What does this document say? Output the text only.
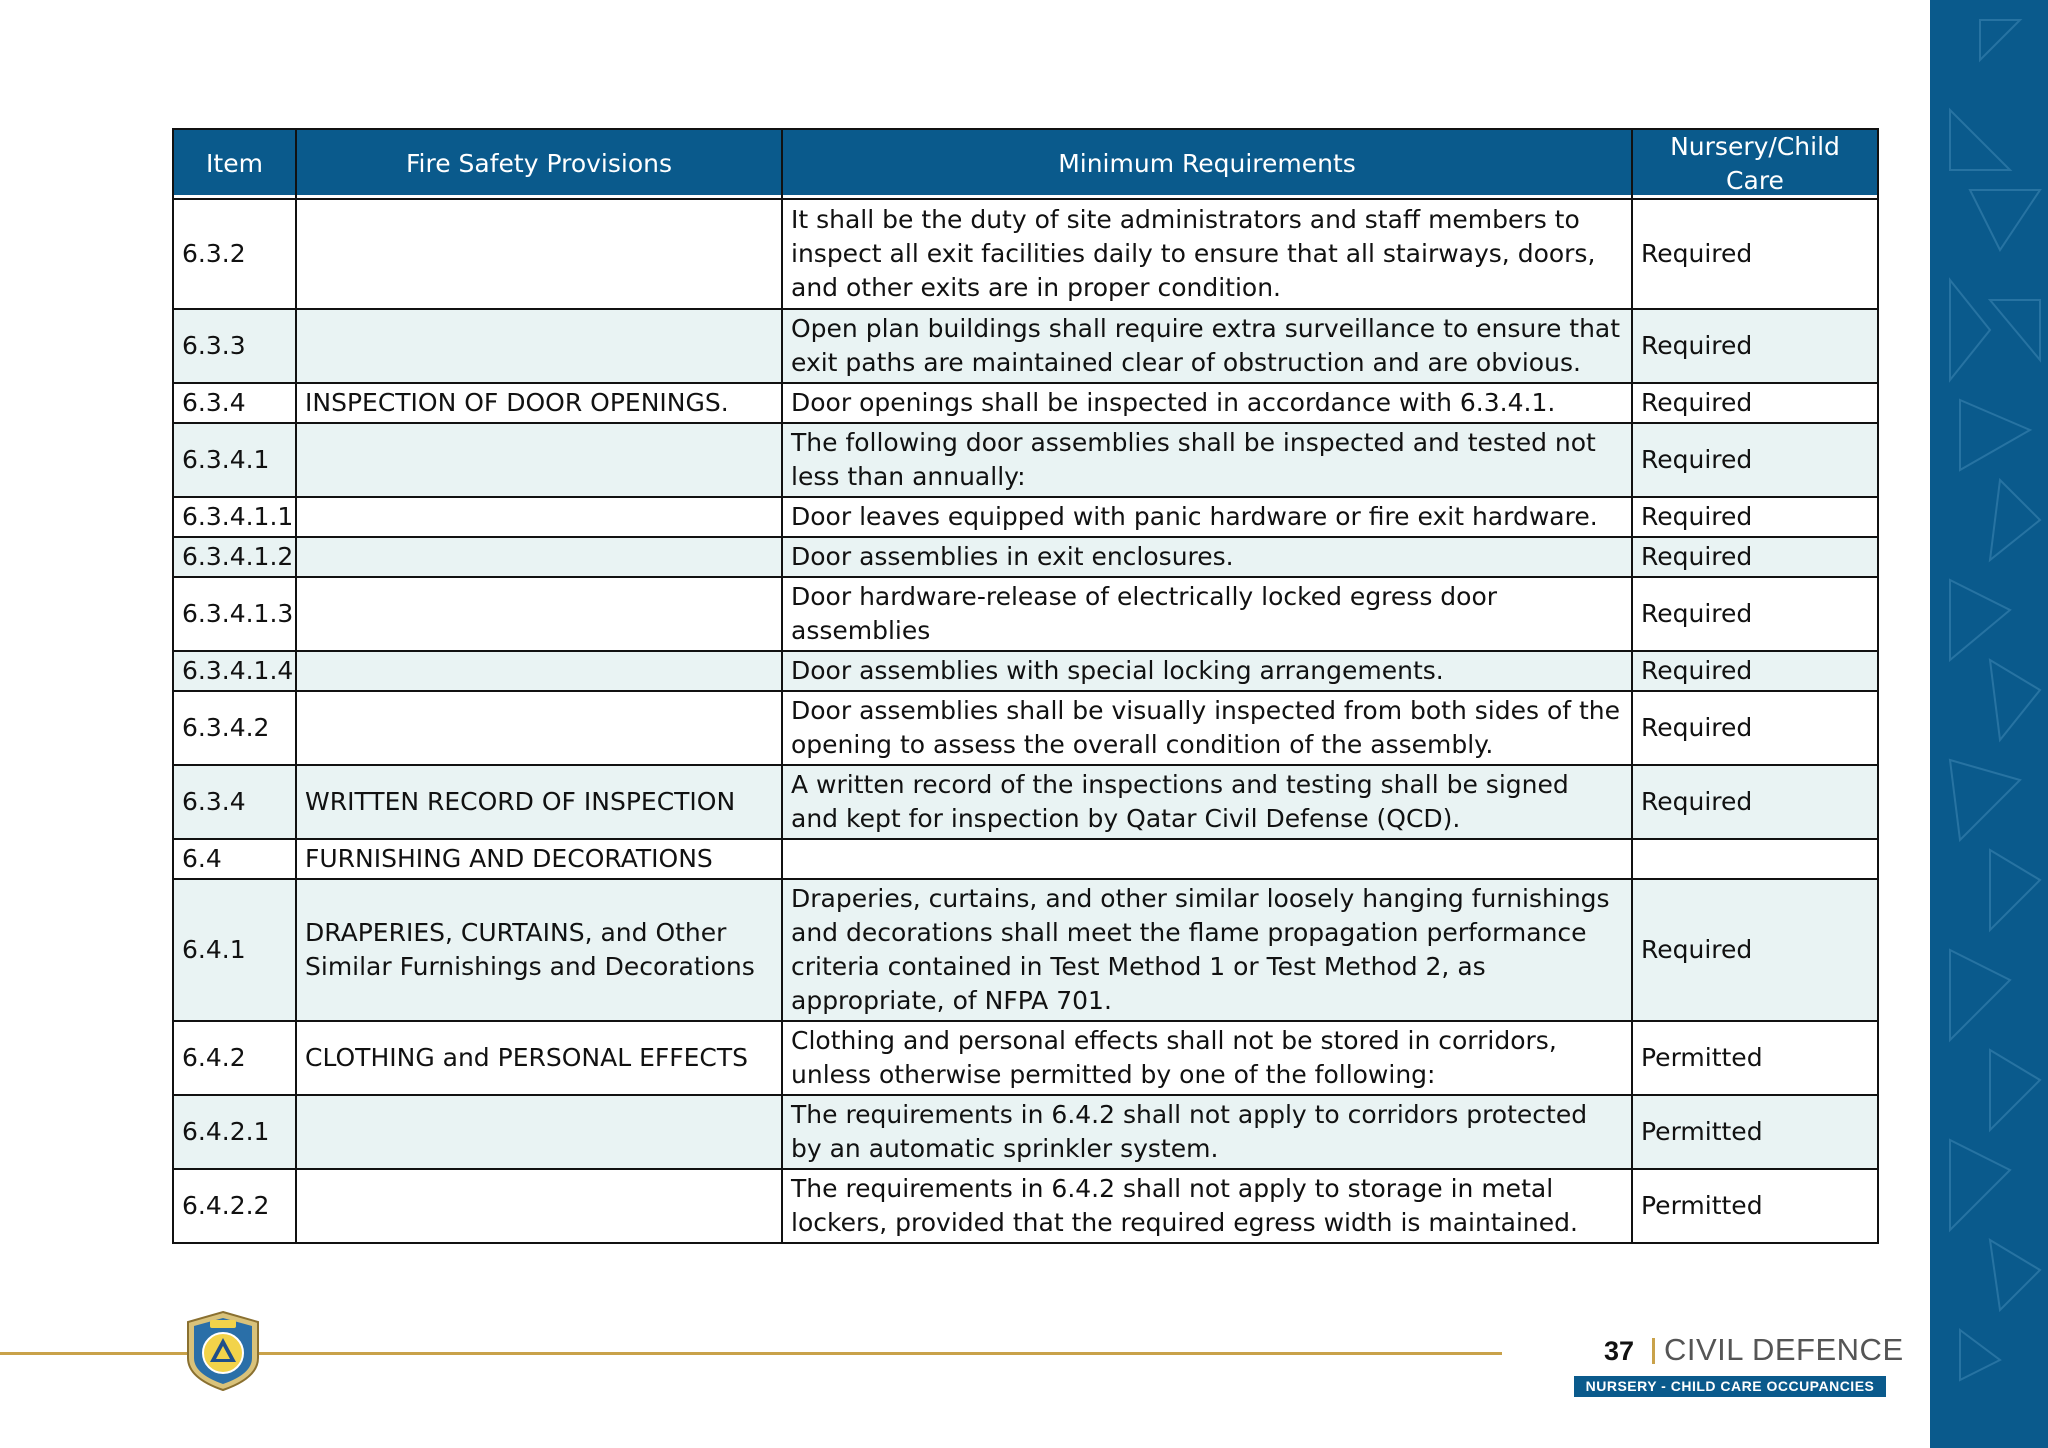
Item	Fire Safety Provisions	Minimum Requirements	Nursery/Child Care
6.3.2		It shall be the duty of site administrators and staff members to inspect all exit facilities daily to ensure that all stairways, doors, and other exits are in proper condition.	Required
6.3.3		Open plan buildings shall require extra surveillance to ensure that exit paths are maintained clear of obstruction and are obvious.	Required
6.3.4	INSPECTION OF DOOR OPENINGS.	Door openings shall be inspected in accordance with 6.3.4.1.	Required
6.3.4.1		The following door assemblies shall be inspected and tested not less than annually:	Required
6.3.4.1.1		Door leaves equipped with panic hardware or fire exit hardware.	Required
6.3.4.1.2		Door assemblies in exit enclosures.	Required
6.3.4.1.3		Door hardware-release of electrically locked egress door assemblies	Required
6.3.4.1.4		Door assemblies with special locking arrangements.	Required
6.3.4.2		Door assemblies shall be visually inspected from both sides of the opening to assess the overall condition of the assembly.	Required
6.3.4	WRITTEN RECORD OF INSPECTION	A written record of the inspections and testing shall be signed and kept for inspection by Qatar Civil Defense (QCD).	Required
6.4	FURNISHING AND DECORATIONS		
6.4.1	DRAPERIES, CURTAINS, and Other Similar Furnishings and Decorations	Draperies, curtains, and other similar loosely hanging furnishings and decorations shall meet the flame propagation performance criteria contained in Test Method 1 or Test Method 2, as appropriate, of NFPA 701.	Required
6.4.2	CLOTHING and PERSONAL EFFECTS	Clothing and personal effects shall not be stored in corridors, unless otherwise permitted by one of the following:	Permitted
6.4.2.1		The requirements in 6.4.2 shall not apply to corridors protected by an automatic sprinkler system.	Permitted
6.4.2.2		The requirements in 6.4.2 shall not apply to storage in metal lockers, provided that the required egress width is maintained.	Permitted
37 CIVIL DEFENCE
NURSERY - CHILD CARE OCCUPANCIES
